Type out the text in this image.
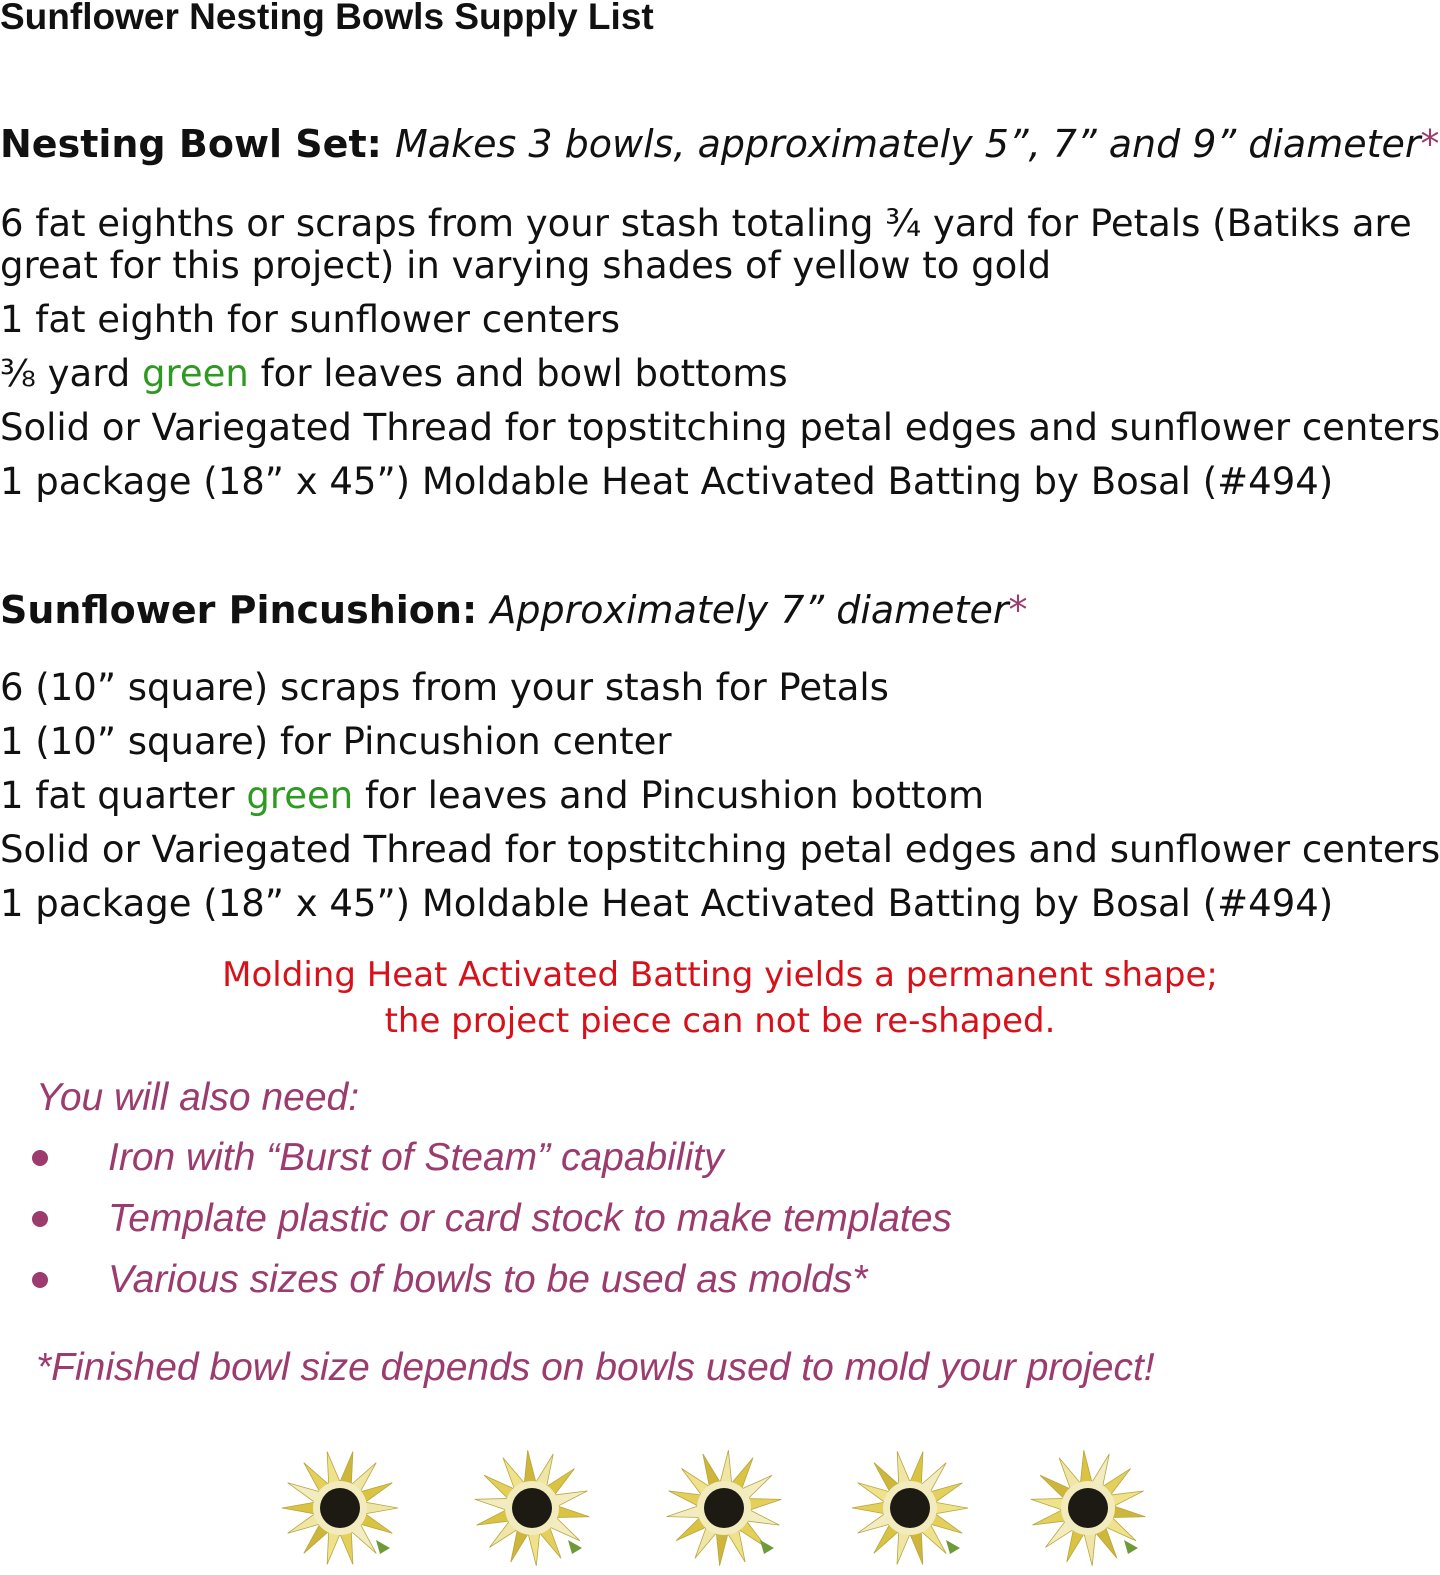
Sunflower Nesting Bowls Supply List
Nesting Bowl Set: Makes 3 bowls, approximately 5”, 7” and 9” diameter*
6 fat eighths or scraps from your stash totaling ¾ yard for Petals (Batiks are great for this project) in varying shades of yellow to gold
1 fat eighth for sunflower centers
⅜ yard green for leaves and bowl bottoms
Solid or Variegated Thread for topstitching petal edges and sunflower centers
1 package (18” x 45”) Moldable Heat Activated Batting by Bosal (#494)
Sunflower Pincushion: Approximately 7” diameter*
6 (10” square) scraps from your stash for Petals
1 (10” square) for Pincushion center
1 fat quarter green for leaves and Pincushion bottom
Solid or Variegated Thread for topstitching petal edges and sunflower centers
1 package (18” x 45”) Moldable Heat Activated Batting by Bosal (#494)

Molding Heat Activated Batting yields a permanent shape;

the project piece can not be re-shaped.

You will also need:

Iron with “Burst of Steam” capability
Template plastic or card stock to make templates
Various sizes of bowls to be used as molds*

*Finished bowl size depends on bowls used to mold your project!
